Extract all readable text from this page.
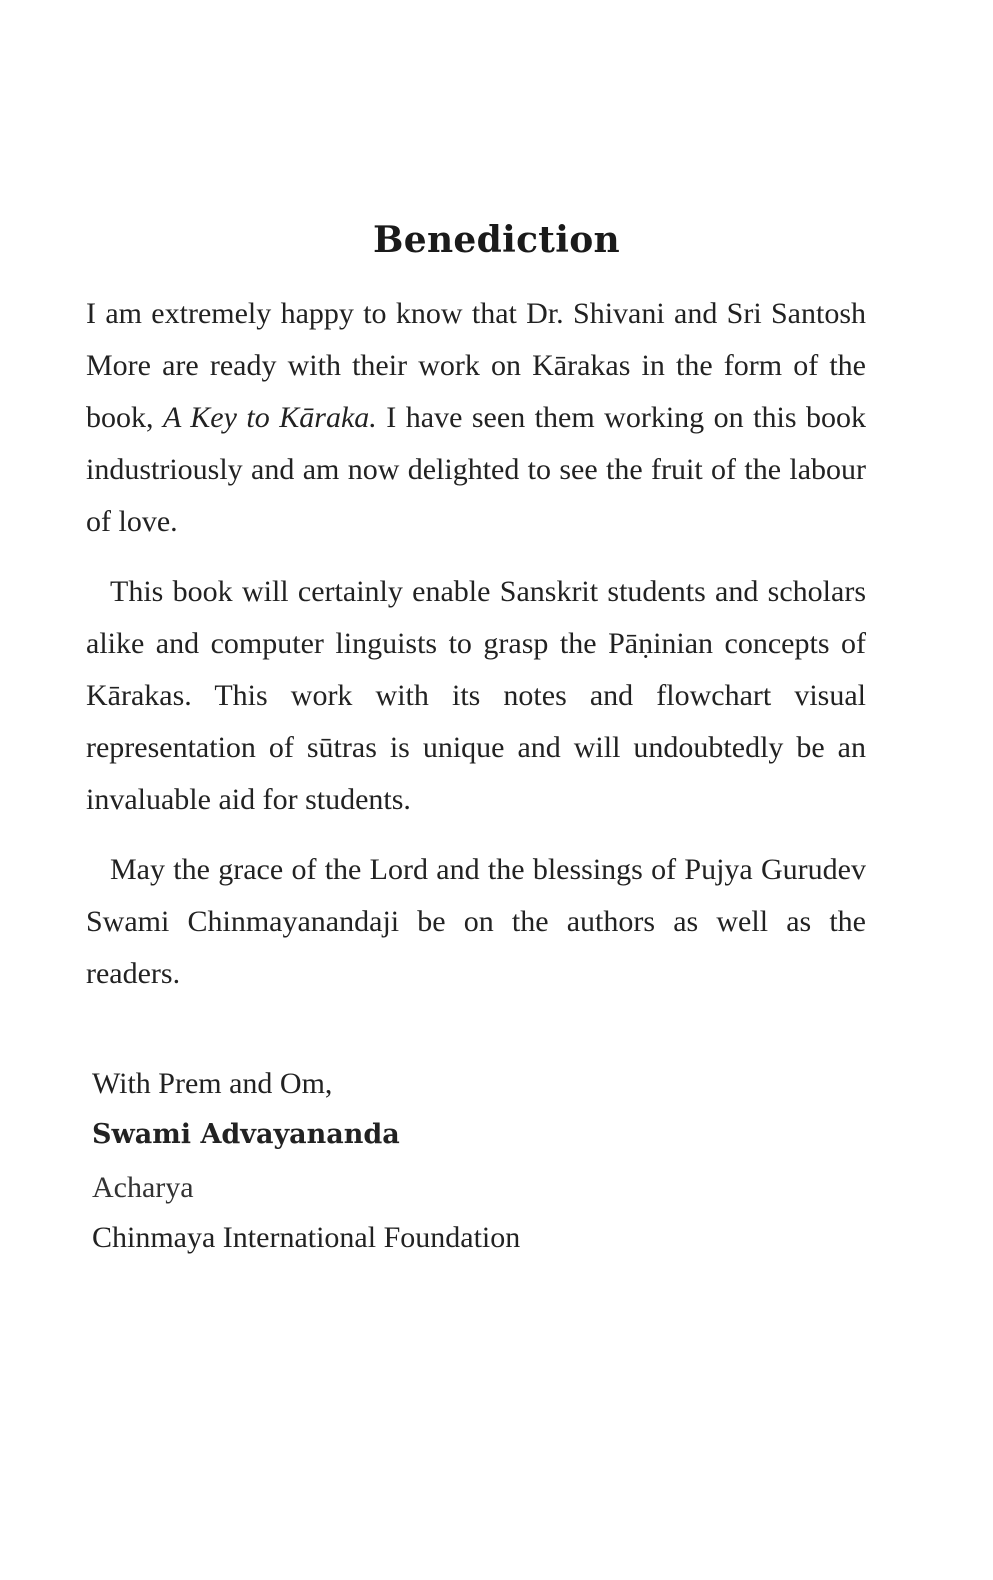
Benediction

I am extremely happy to know that Dr. Shivani and Sri Santosh More are ready with their work on Kārakas in the form of the book, A Key to Kāraka. I have seen them working on this book industriously and am now delighted to see the fruit of the labour of love.

This book will certainly enable Sanskrit students and scholars alike and computer linguists to grasp the Pāṇinian concepts of Kārakas. This work with its notes and flowchart visual representation of sūtras is unique and will undoubtedly be an invaluable aid for students.

May the grace of the Lord and the blessings of Pujya Gurudev Swami Chinmayanandaji be on the authors as well as the readers.

With Prem and Om,
Swami Advayananda
Acharya
Chinmaya International Foundation
